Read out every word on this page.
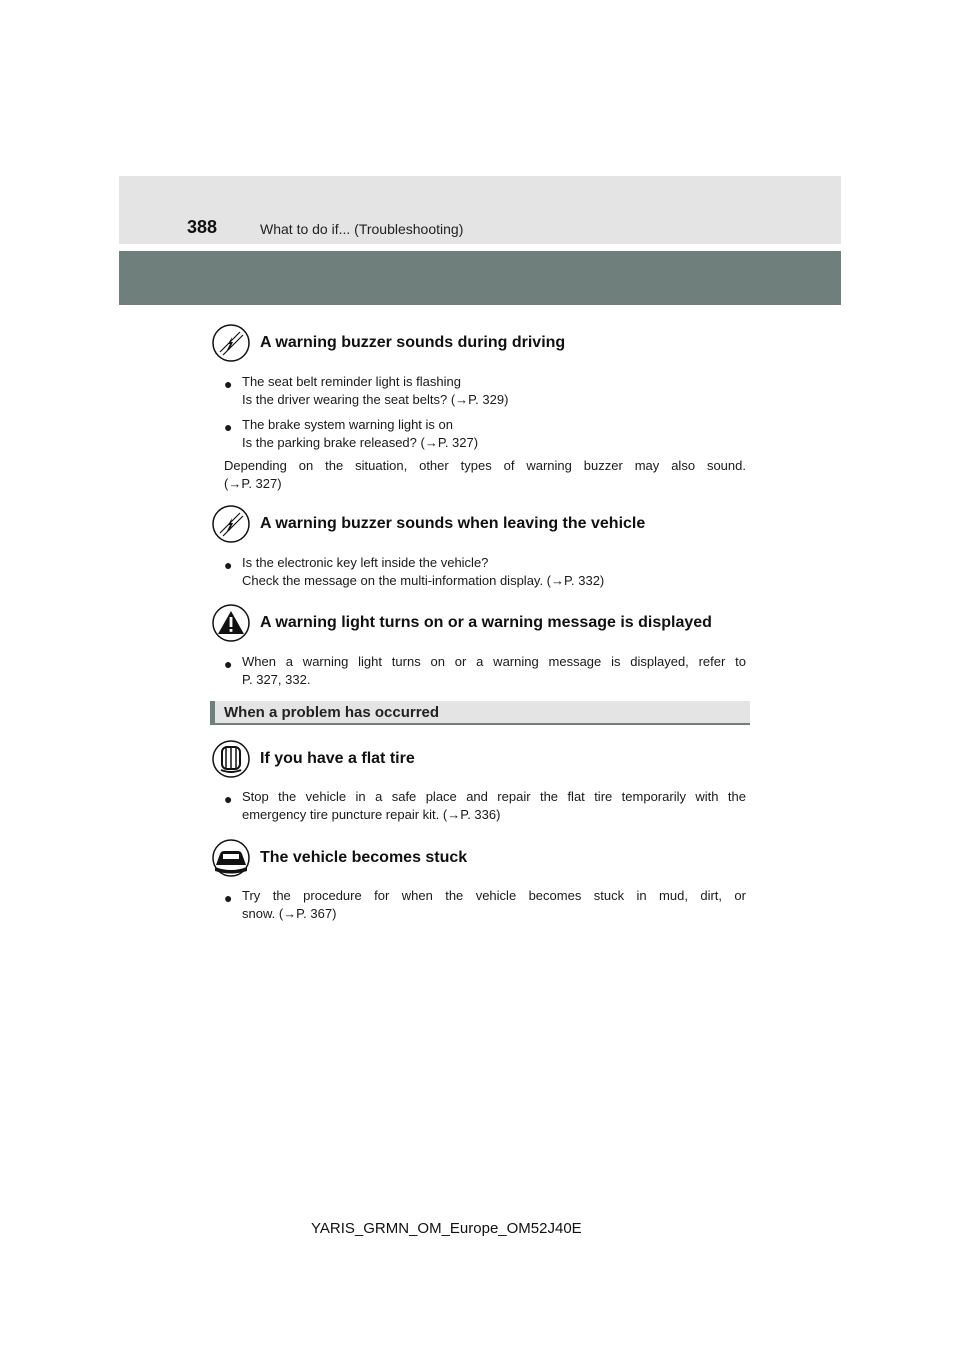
388	What to do if... (Troubleshooting)
A warning buzzer sounds during driving
● The seat belt reminder light is flashing
Is the driver wearing the seat belts? (→P. 329)
● The brake system warning light is on
Is the parking brake released? (→P. 327)
Depending on the situation, other types of warning buzzer may also sound.
(→P. 327)
A warning buzzer sounds when leaving the vehicle
● Is the electronic key left inside the vehicle?
Check the message on the multi-information display. (→P. 332)
A warning light turns on or a warning message is displayed
● When a warning light turns on or a warning message is displayed, refer to
P. 327, 332.
When a problem has occurred
If you have a flat tire
● Stop the vehicle in a safe place and repair the flat tire temporarily with the
emergency tire puncture repair kit. (→P. 336)
The vehicle becomes stuck
● Try the procedure for when the vehicle becomes stuck in mud, dirt, or
snow. (→P. 367)
YARIS_GRMN_OM_Europe_OM52J40E
